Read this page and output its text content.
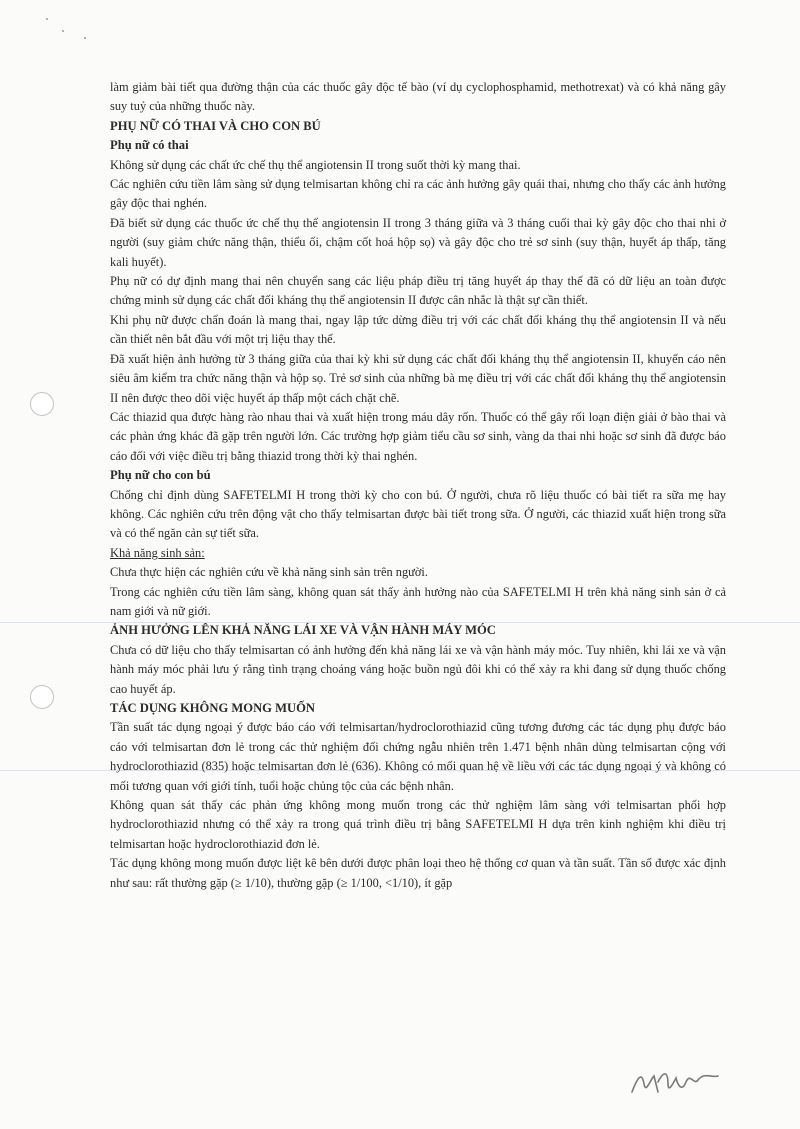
làm giảm bài tiết qua đường thận của các thuốc gây độc tế bào (ví dụ cyclophosphamid, methotrexat) và có khả năng gây suy tuỷ của những thuốc này.

PHỤ NỮ CÓ THAI VÀ CHO CON BÚ

Phụ nữ có thai

Không sử dụng các chất ức chế thụ thể angiotensin II trong suốt thời kỳ mang thai.

Các nghiên cứu tiền lâm sàng sử dụng telmisartan không chỉ ra các ảnh hưởng gây quái thai, nhưng cho thấy các ảnh hưởng gây độc thai nghén.

Đã biết sử dụng các thuốc ức chế thụ thể angiotensin II trong 3 tháng giữa và 3 tháng cuối thai kỳ gây độc cho thai nhi ở người (suy giảm chức năng thận, thiểu ối, chậm cốt hoá hộp sọ) và gây độc cho trẻ sơ sinh (suy thận, huyết áp thấp, tăng kali huyết).

Phụ nữ có dự định mang thai nên chuyển sang các liệu pháp điều trị tăng huyết áp thay thế đã có dữ liệu an toàn được chứng minh sử dụng các chất đối kháng thụ thể angiotensin II được cân nhắc là thật sự cần thiết.

Khi phụ nữ được chẩn đoán là mang thai, ngay lập tức dừng điều trị với các chất đối kháng thụ thể angiotensin II và nếu cần thiết nên bắt đầu với một trị liệu thay thế.

Đã xuất hiện ảnh hưởng từ 3 tháng giữa của thai kỳ khi sử dụng các chất đối kháng thụ thể angiotensin II, khuyến cáo nên siêu âm kiểm tra chức năng thận và hộp sọ. Trẻ sơ sinh của những bà mẹ điều trị với các chất đối kháng thụ thể angiotensin II nên được theo dõi việc huyết áp thấp một cách chặt chẽ.

Các thiazid qua được hàng rào nhau thai và xuất hiện trong máu dây rốn. Thuốc có thể gây rối loạn điện giải ở bào thai và các phản ứng khác đã gặp trên người lớn. Các trường hợp giảm tiểu cầu sơ sinh, vàng da thai nhi hoặc sơ sinh đã được báo cáo đối với việc điều trị bằng thiazid trong thời kỳ thai nghén.

Phụ nữ cho con bú

Chống chỉ định dùng SAFETELMI H trong thời kỳ cho con bú. Ở người, chưa rõ liệu thuốc có bài tiết ra sữa mẹ hay không. Các nghiên cứu trên động vật cho thấy telmisartan được bài tiết trong sữa. Ở người, các thiazid xuất hiện trong sữa và có thể ngăn cản sự tiết sữa.

Khả năng sinh sản:

Chưa thực hiện các nghiên cứu về khả năng sinh sản trên người.

Trong các nghiên cứu tiền lâm sàng, không quan sát thấy ảnh hưởng nào của SAFETELMI H trên khả năng sinh sản ở cả nam giới và nữ giới.

ẢNH HƯỞNG LÊN KHẢ NĂNG LÁI XE VÀ VẬN HÀNH MÁY MÓC

Chưa có dữ liệu cho thấy telmisartan có ảnh hưởng đến khả năng lái xe và vận hành máy móc. Tuy nhiên, khi lái xe và vận hành máy móc phải lưu ý rằng tình trạng choáng váng hoặc buồn ngủ đôi khi có thể xảy ra khi đang sử dụng thuốc chống cao huyết áp.

TÁC DỤNG KHÔNG MONG MUỐN

Tần suất tác dụng ngoại ý được báo cáo với telmisartan/hydroclorothiazid cũng tương đương các tác dụng phụ được báo cáo với telmisartan đơn lẻ trong các thử nghiệm đối chứng ngẫu nhiên trên 1.471 bệnh nhân dùng telmisartan cộng với hydroclorothiazid (835) hoặc telmisartan đơn lẻ (636). Không có mối quan hệ về liều với các tác dụng ngoại ý và không có mối tương quan với giới tính, tuổi hoặc chủng tộc của các bệnh nhân.

Không quan sát thấy các phản ứng không mong muốn trong các thử nghiệm lâm sàng với telmisartan phối hợp hydroclorothiazid nhưng có thể xảy ra trong quá trình điều trị bằng SAFETELMI H dựa trên kinh nghiệm khi điều trị telmisartan hoặc hydroclorothiazid đơn lẻ.

Tác dụng không mong muốn được liệt kê bên dưới được phân loại theo hệ thống cơ quan và tần suất. Tần số được xác định như sau: rất thường gặp (≥ 1/10), thường gặp (≥ 1/100, <1/10), ít gặp
